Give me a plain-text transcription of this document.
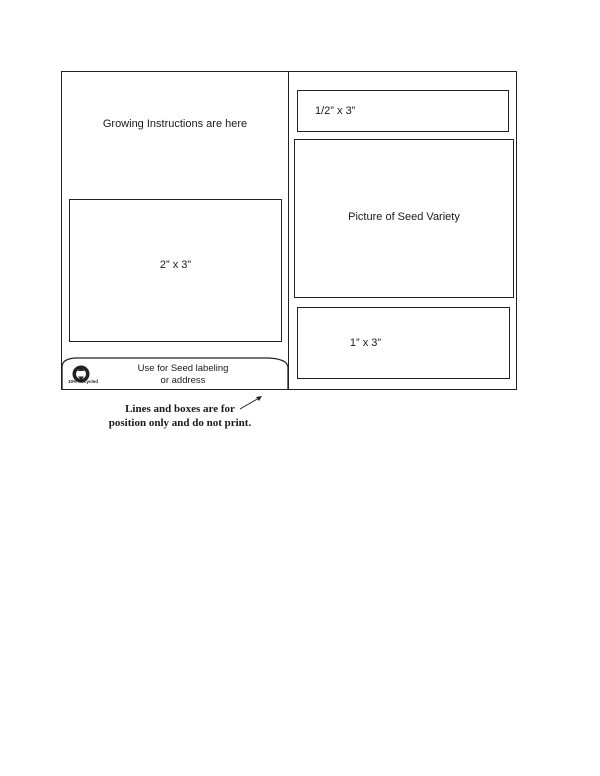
Growing Instructions are here
2” x 3”
1/2” x 3”
Picture of Seed Variety
1” x 3”
10% Recycled
Use for Seed labeling
or address
Lines and boxes are for
position only and do not print.
